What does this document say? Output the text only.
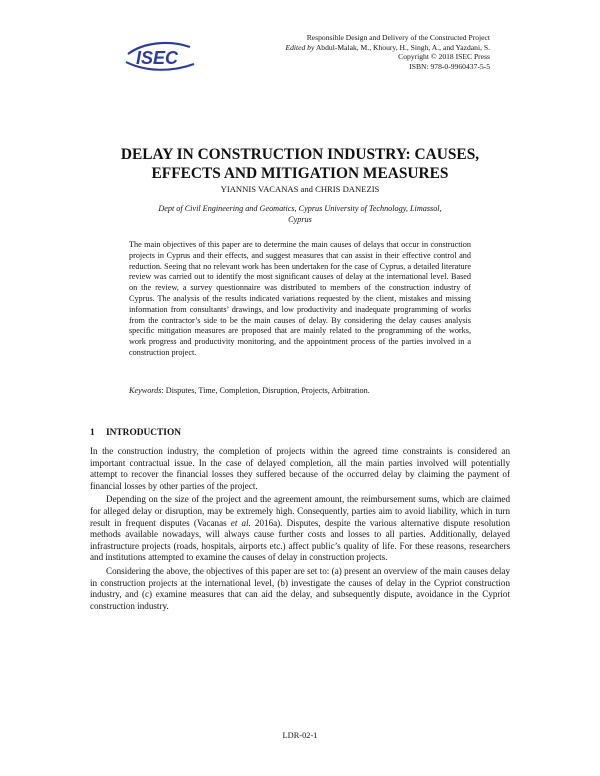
ISEC
Responsible Design and Delivery of the Constructed Project
Edited by Abdul-Malak, M., Khoury, H., Singh, A., and Yazdani, S.
Copyright © 2018 ISEC Press
ISBN: 978-0-9960437-5-5
DELAY IN CONSTRUCTION INDUSTRY: CAUSES,
EFFECTS AND MITIGATION MEASURES
YIANNIS VACANAS and CHRIS DANEZIS
Dept of Civil Engineering and Geomatics, Cyprus University of Technology, Limassol,
Cyprus

The main objectives of this paper are to determine the main causes of delays that occur in construction projects in Cyprus and their effects, and suggest measures that can assist in their effective control and reduction. Seeing that no relevant work has been undertaken for the case of Cyprus, a detailed literature review was carried out to identify the most significant causes of delay at the international level. Based on the review, a survey questionnaire was distributed to members of the construction industry of Cyprus. The analysis of the results indicated variations requested by the client, mistakes and missing information from consultants’ drawings, and low productivity and inadequate programming of works from the contractor’s side to be the main causes of delay. By considering the delay causes analysis specific mitigation measures are proposed that are mainly related to the programming of the works, work progress and productivity monitoring, and the appointment process of the parties involved in a construction project.

Keywords: Disputes, Time, Completion, Disruption, Projects, Arbitration.

1 INTRODUCTION

In the construction industry, the completion of projects within the agreed time constraints is considered an important contractual issue. In the case of delayed completion, all the main parties involved will potentially attempt to recover the financial losses they suffered because of the occurred delay by claiming the payment of financial losses by other parties of the project.

Depending on the size of the project and the agreement amount, the reimbursement sums, which are claimed for alleged delay or disruption, may be extremely high. Consequently, parties aim to avoid liability, which in turn result in frequent disputes (Vacanas et al. 2016a). Disputes, despite the various alternative dispute resolution methods available nowadays, will always cause further costs and losses to all parties. Additionally, delayed infrastructure projects (roads, hospitals, airports etc.) affect public’s quality of life. For these reasons, researchers and institutions attempted to examine the causes of delay in construction projects.

Considering the above, the objectives of this paper are set to: (a) present an overview of the main causes delay in construction projects at the international level, (b) investigate the causes of delay in the Cypriot construction industry, and (c) examine measures that can aid the delay, and subsequently dispute, avoidance in the Cypriot construction industry.

LDR-02-1
